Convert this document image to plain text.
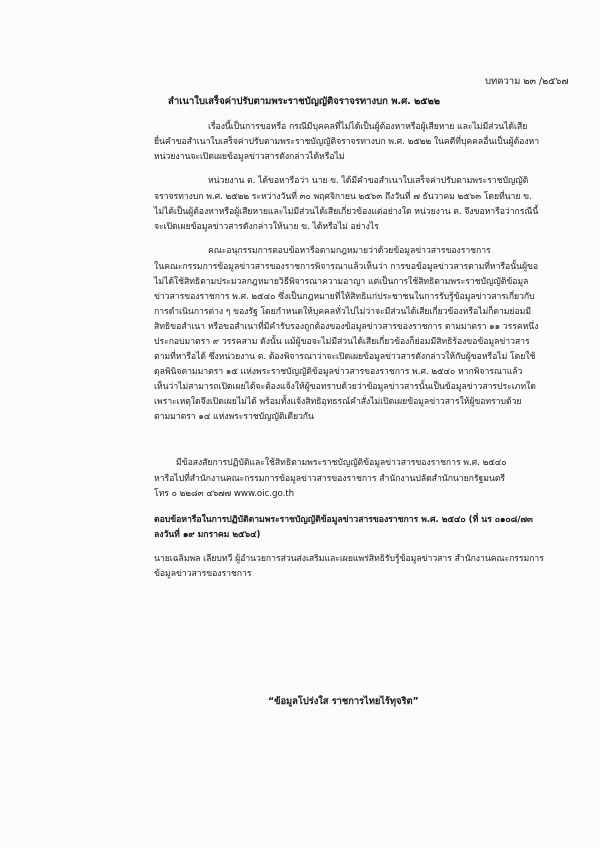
บทความ ๒๓ /๒๕๖๗
สำเนาใบเสร็จค่าปรับตามพระราชบัญญัติจราจรทางบก พ.ศ. ๒๕๒๒
เรื่องนี้เป็นการขอหรือ กรณีมีบุคคลที่ไม่ได้เป็นผู้ต้องหาหรือผู้เสียหาย และไม่มีส่วนได้เสีย
ยื่นคำขอสำเนาใบเสร็จค่าปรับตามพระราชบัญญัติจราจรทางบก พ.ศ. ๒๕๒๒ ในคดีที่บุคคลอื่นเป็นผู้ต้องหา
หน่วยงานจะเปิดเผยข้อมูลข่าวสารดังกล่าวได้หรือไม่
หน่วยงาน ต. ได้ขอหารือว่า นาย ข. ได้มีคำขอสำเนาใบเสร็จค่าปรับตามพระราชบัญญัติ
จราจรทางบก พ.ศ. ๒๕๒๒ ระหว่างวันที่ ๓๐ พฤศจิกายน ๒๕๖๓ ถึงวันที่ ๗ ธันวาคม ๒๕๖๓ โดยที่นาย ข.
ไม่ได้เป็นผู้ต้องหาหรือผู้เสียหายและไม่มีส่วนได้เสียเกี่ยวข้องแต่อย่างใด หน่วยงาน ต. จึงขอหารือว่ากรณีนี้
จะเปิดเผยข้อมูลข่าวสารดังกล่าวให้นาย ข. ได้หรือไม่ อย่างไร
คณะอนุกรรมการตอบข้อหารือตามกฎหมายว่าด้วยข้อมูลข่าวสารของราชการ
ในคณะกรรมการข้อมูลข่าวสารของราชการพิจารณาแล้วเห็นว่า การขอข้อมูลข่าวสารตามที่หารือนั้นผู้ขอ
ไม่ได้ใช้สิทธิตามประมวลกฎหมายวิธีพิจารณาความอาญา แต่เป็นการใช้สิทธิตามพระราชบัญญัติข้อมูล
ข่าวสารของราชการ พ.ศ. ๒๕๔๐ ซึ่งเป็นกฎหมายที่ให้สิทธิแก่ประชาชนในการรับรู้ข้อมูลข่าวสารเกี่ยวกับ
การดำเนินการต่าง ๆ ของรัฐ โดยกำหนดให้บุคคลทั่วไปไม่ว่าจะมีส่วนได้เสียเกี่ยวข้องหรือไม่ก็ตามย่อมมี
สิทธิขอสำเนา หรือขอสำเนาที่มีคำรับรองถูกต้องของข้อมูลข่าวสารของราชการ ตามมาตรา ๑๑ วรรคหนึ่ง
ประกอบมาตรา ๙ วรรคสาม ดังนั้น แม้ผู้ขอจะไม่มีส่วนได้เสียเกี่ยวข้องก็ย่อมมีสิทธิร้องขอข้อมูลข่าวสาร
ตามที่หารือได้ ซึ่งหน่วยงาน ต. ต้องพิจารณาว่าจะเปิดเผยข้อมูลข่าวสารดังกล่าวให้กับผู้ขอหรือไม่ โดยใช้
ดุลพินิจตามมาตรา ๑๕ แห่งพระราชบัญญัติข้อมูลข่าวสารของราชการ พ.ศ. ๒๕๔๐ หากพิจารณาแล้ว
เห็นว่าไม่สามารถเปิดเผยได้จะต้องแจ้งให้ผู้ขอทราบด้วยว่าข้อมูลข่าวสารนั้นเป็นข้อมูลข่าวสารประเภทใด
เพราะเหตุใดจึงเปิดเผยไม่ได้ พร้อมทั้งแจ้งสิทธิอุทธรณ์คำสั่งไม่เปิดเผยข้อมูลข่าวสารให้ผู้ขอทราบด้วย
ตามมาตรา ๑๔ แห่งพระราชบัญญัติเดียวกัน
มีข้อสงสัยการปฏิบัติและใช้สิทธิตามพระราชบัญญัติข้อมูลข่าวสารของราชการ พ.ศ. ๒๕๔๐
หารือไปที่สำนักงานคณะกรรมการข้อมูลข่าวสารของราชการ สำนักงานปลัดสำนักนายกรัฐมนตรี
โทร ๐ ๒๒๘๓ ๔๖๗๗ www.oic.go.th
ตอบข้อหารือในการปฏิบัติตามพระราชบัญญัติข้อมูลข่าวสารของราชการ พ.ศ. ๒๕๔๐ (ที่ นร ๐๑๐๘/๗๓
ลงวันที่ ๑๙ มกราคม ๒๕๖๔)
นายเฉลิมพล เลียบทวี ผู้อำนวยการส่วนส่งเสริมและเผยแพร่สิทธิรับรู้ข้อมูลข่าวสาร สำนักงานคณะกรรมการ
ข้อมูลข่าวสารของราชการ
“ข้อมูลโปร่งใส ราชการไทยไร้ทุจริต”
